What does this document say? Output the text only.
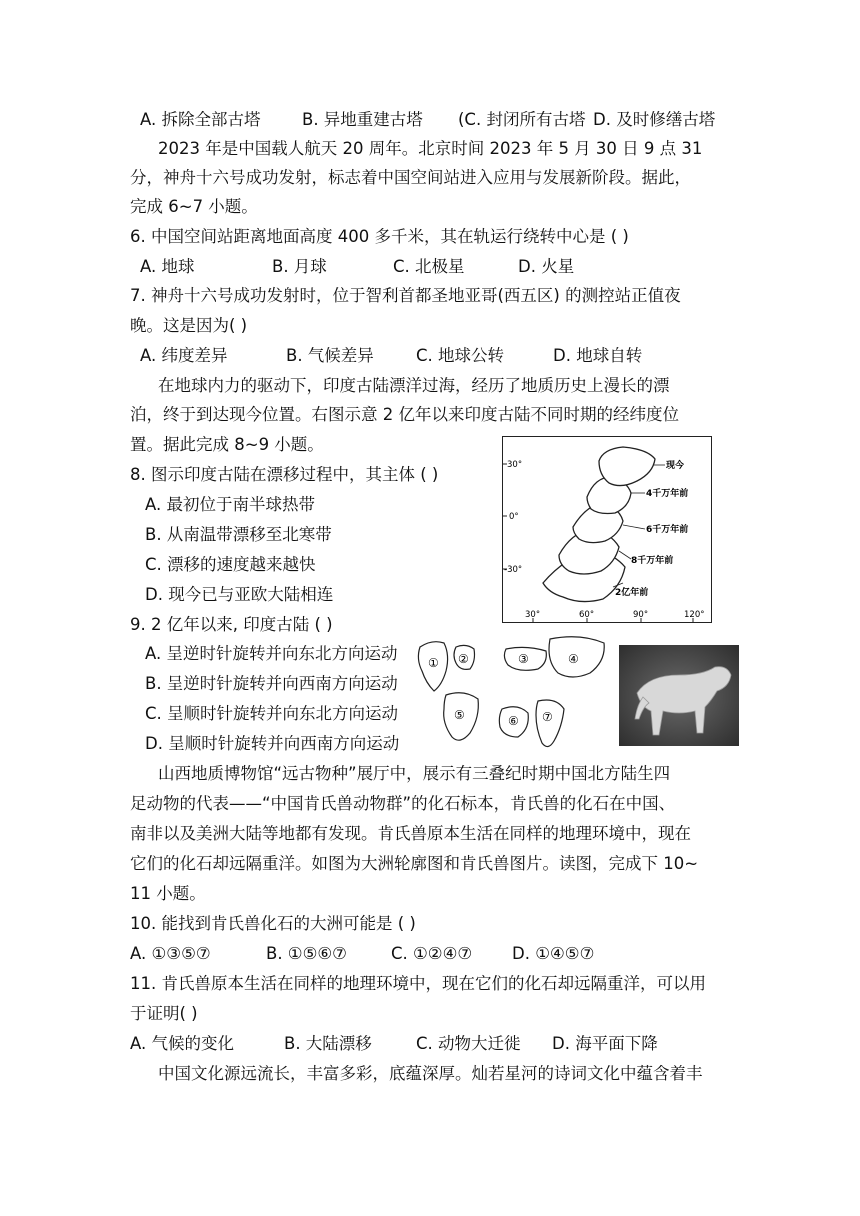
A. 拆除全部古塔	B. 异地重建古塔 (C. 封闭所有古塔 D. 及时修缮古塔
2023 年是中国载人航天 20 周年。北京时间 2023 年 5 月 30 日 9 点 31
分，神舟十六号成功发射，标志着中国空间站进入应用与发展新阶段。据此，
完成 6~7 小题。
6. 中国空间站距离地面高度 400 多千米，其在轨运行绕转中心是 ( )
A. 地球	B. 月球	C. 北极星	D. 火星
7. 神舟十六号成功发射时，位于智利首都圣地亚哥(西五区) 的测控站正值夜
晚。这是因为( )
A. 纬度差异	B. 气候差异	C. 地球公转	D. 地球自转
在地球内力的驱动下，印度古陆漂洋过海，经历了地质历史上漫长的漂
泊，终于到达现今位置。右图示意 2 亿年以来印度古陆不同时期的经纬度位
置。据此完成 8~9 小题。
8. 图示印度古陆在漂移过程中，其主体 ( )
A. 最初位于南半球热带
B. 从南温带漂移至北寒带
C. 漂移的速度越来越快
D. 现今已与亚欧大陆相连
30°
0°
-30°
30°	60°	90°	120°
现今
4千万年前
6千万年前
8千万年前
2亿年前
9. 2 亿年以来, 印度古陆 ( )
A. 呈逆时针旋转并向东北方向运动
B. 呈逆时针旋转并向西南方向运动
C. 呈顺时针旋转并向东北方向运动
D. 呈顺时针旋转并向西南方向运动
① ②	③	④
⑤	⑥ ⑦
山西地质博物馆“远古物种”展厅中，展示有三叠纪时期中国北方陆生四
足动物的代表——“中国肯氏兽动物群”的化石标本，肯氏兽的化石在中国、
南非以及美洲大陆等地都有发现。肯氏兽原本生活在同样的地理环境中，现在
它们的化石却远隔重洋。如图为大洲轮廓图和肯氏兽图片。读图，完成下 10~
11 小题。
10. 能找到肯氏兽化石的大洲可能是 ( )
A. ①③⑤⑦	B. ①⑤⑥⑦	C. ①②④⑦ D. ①④⑤⑦
11. 肯氏兽原本生活在同样的地理环境中，现在它们的化石却远隔重洋，可以用
于证明( )
A. 气候的变化	B. 大陆漂移	C. 动物大迁徙 D. 海平面下降
中国文化源远流长，丰富多彩，底蕴深厚。灿若星河的诗词文化中蕴含着丰
